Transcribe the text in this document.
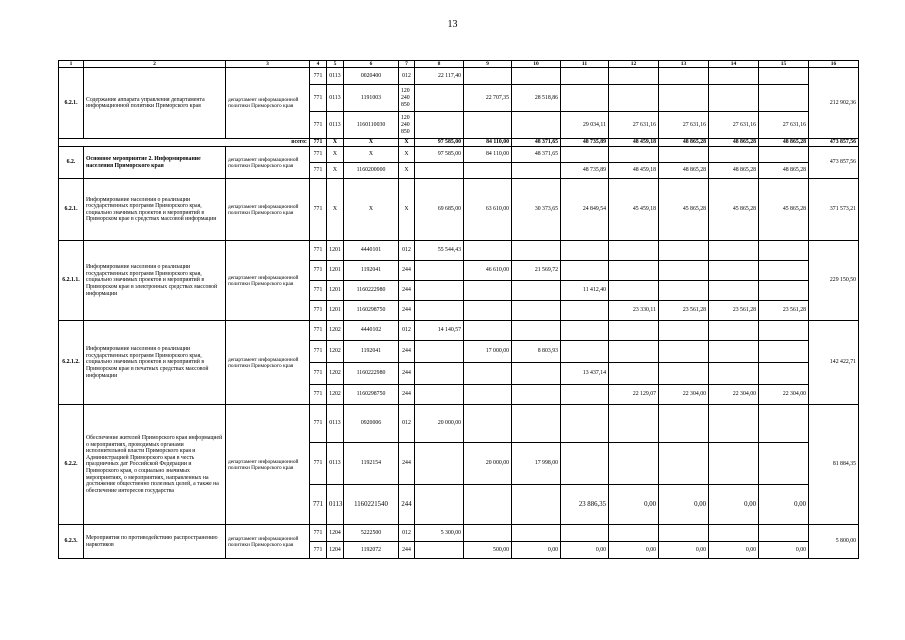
13
1	2	3	4	5	6	7	8	9	10	11	12	13	14	15	16
6.2.1.	Содержание аппарата управления департамента информационной политики Приморского края	департамент информационной политики Приморского края	771	0113	0020400	012	22 117,40								212 902,36
			771	0113	1191003	120 240 850		22 707,35	28 518,86						
			771	0113	1160110030	120 240 850				29 034,11	27 631,16	27 631,16	27 631,16	27 631,16	
всего:			771	X	X	X	97 585,00	84 110,00	48 371,65	48 735,89	48 459,18	48 865,28	48 865,28	48 865,28	473 857,56
6.2.	Основное мероприятие 2. Информирование населения Приморского края	департамент информационной политики Приморского края	771	X	X	X	97 585,00	84 110,00	48 371,65						473 857,56
			771	X	1160200000	X				48 735,89	48 459,18	48 865,28	48 865,28	48 865,28	
6.2.1.	Информирование населения о реализации государственных программ Приморского края, социально значимых проектов и мероприятий в Приморском крае в средствах массовой информации	департамент информационной политики Приморского края	771	X	X	X	69 685,00	63 610,00	30 373,65	24 849,54	45 459,18	45 865,28	45 865,28	45 865,28	371 573,21
6.2.1.1.	Информирование населения о реализации государственных программ Приморского края, социально значимых проектов и мероприятий в Приморском крае в электронных средствах массовой информации	департамент информационной политики Приморского края	771	1201	4440101	012	55 544,43								229 150,50
			771	1201	1192041	244		46 610,00	21 569,72						
			771	1201	1160222980	244				11 412,40					
			771	1201	1160298750	244					23 330,11	23 561,28	23 561,28	23 561,28	
6.2.1.2.	Информирование населения о реализации государственных программ Приморского края, социально значимых проектов и мероприятий в Приморском крае в печатных средствах массовой информации	департамент информационной политики Приморского края	771	1202	4440102	012	14 140,57								142 422,71
			771	1202	1192041	244		17 000,00	8 803,93						
			771	1202	1160222980	244				13 437,14					
			771	1202	1160298750	244					22 129,07	22 304,00	22 304,00	22 304,00	
6.2.2.	Обеспечение жителей Приморского края информацией о мероприятиях, проводимых органами исполнительной власти Приморского края и Администрацией Приморского края в честь праздничных дат Российской Федерации и Приморского края, о социально значимых мероприятиях, о мероприятиях, направленных на достижение общественно полезных целей, а также на обеспечение интересов государства	департамент информационной политики Приморского края	771	0113	0920006	012	20 000,00								81 884,35
			771	0113	1192154	244		20 000,00	17 998,00						
			771	0113	1160221540	244				23 886,35	0,00	0,00	0,00	0,00	
6.2.3.	Мероприятия по противодействию распространению наркотиков	департамент информационной политики Приморского края	771	1204	5222500	012	5 300,00								5 800,00
			771	1204	1192072	244		500,00	0,00	0,00	0,00	0,00	0,00	0,00	
